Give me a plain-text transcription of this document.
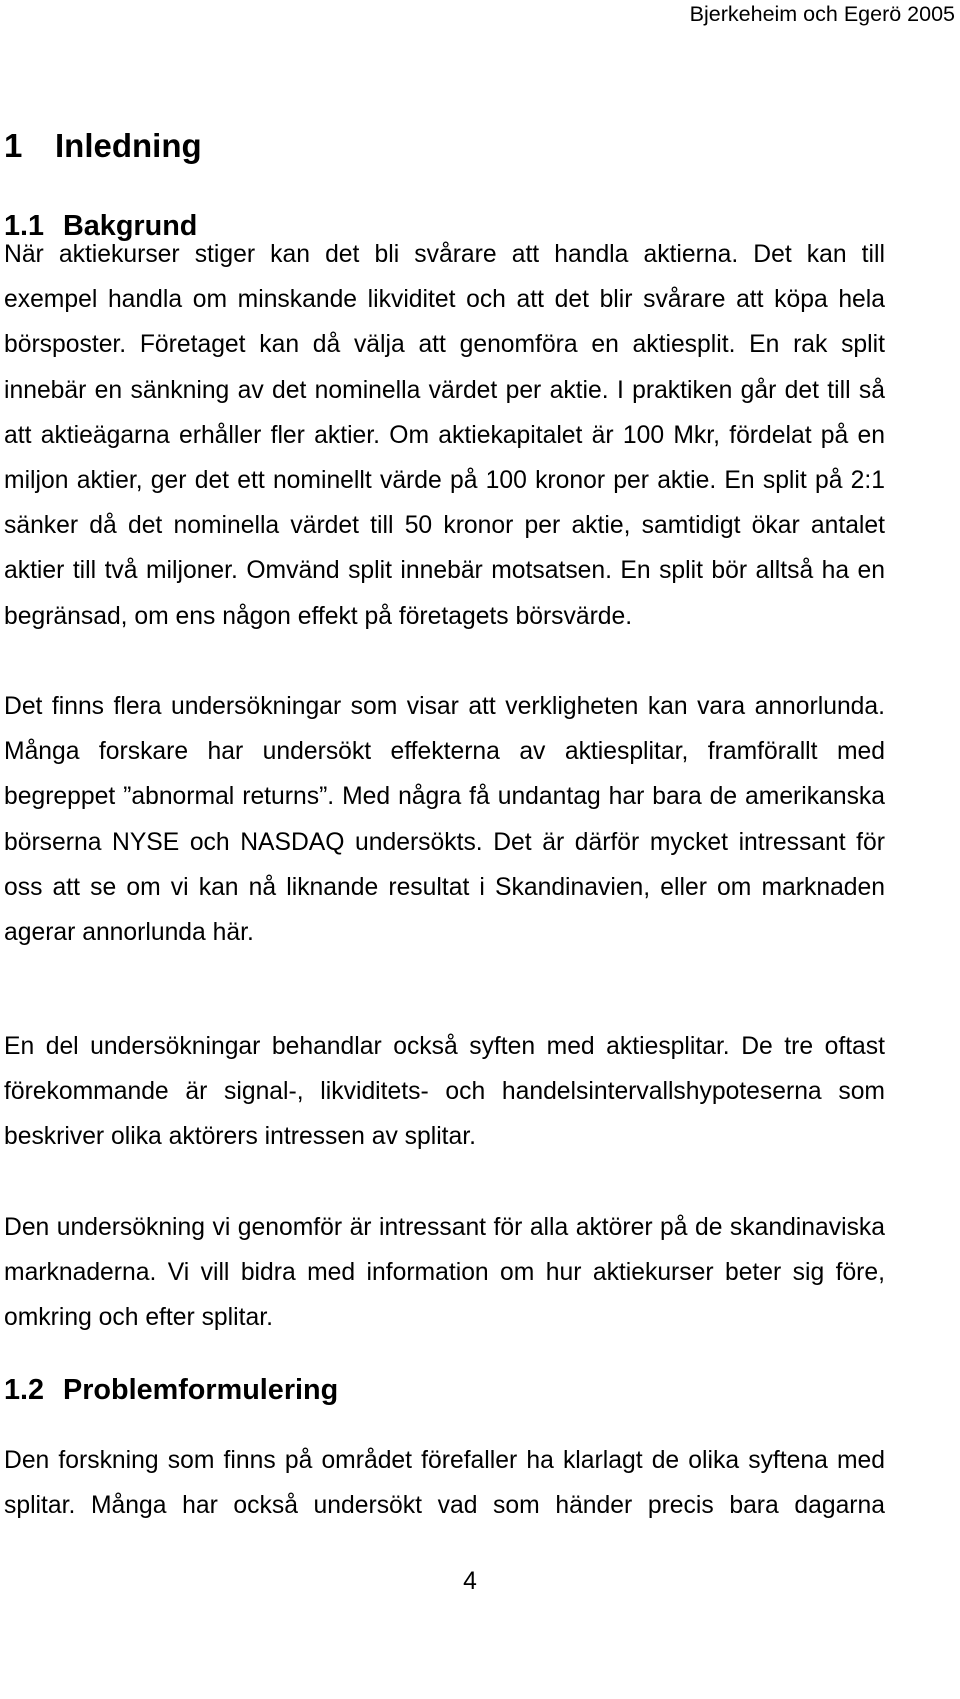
Bjerkeheim och Egerö 2005
1 Inledning
1.1 Bakgrund
När aktiekurser stiger kan det bli svårare att handla aktierna. Det kan till
exempel handla om minskande likviditet och att det blir svårare att köpa hela
börsposter. Företaget kan då välja att genomföra en aktiesplit. En rak split
innebär en sänkning av det nominella värdet per aktie. I praktiken går det till så
att aktieägarna erhåller fler aktier. Om aktiekapitalet är 100 Mkr, fördelat på en
miljon aktier, ger det ett nominellt värde på 100 kronor per aktie. En split på 2:1
sänker då det nominella värdet till 50 kronor per aktie, samtidigt ökar antalet
aktier till två miljoner. Omvänd split innebär motsatsen. En split bör alltså ha en
begränsad, om ens någon effekt på företagets börsvärde.
Det finns flera undersökningar som visar att verkligheten kan vara annorlunda.
Många forskare har undersökt effekterna av aktiesplitar, framförallt med
begreppet ”abnormal returns”. Med några få undantag har bara de amerikanska
börserna NYSE och NASDAQ undersökts. Det är därför mycket intressant för
oss att se om vi kan nå liknande resultat i Skandinavien, eller om marknaden
agerar annorlunda här.
En del undersökningar behandlar också syften med aktiesplitar. De tre oftast
förekommande är signal-, likviditets- och handelsintervallshypoteserna som
beskriver olika aktörers intressen av splitar.
Den undersökning vi genomför är intressant för alla aktörer på de skandinaviska
marknaderna. Vi vill bidra med information om hur aktiekurser beter sig före,
omkring och efter splitar.
1.2 Problemformulering
Den forskning som finns på området förefaller ha klarlagt de olika syftena med
splitar. Många har också undersökt vad som händer precis bara dagarna
4
